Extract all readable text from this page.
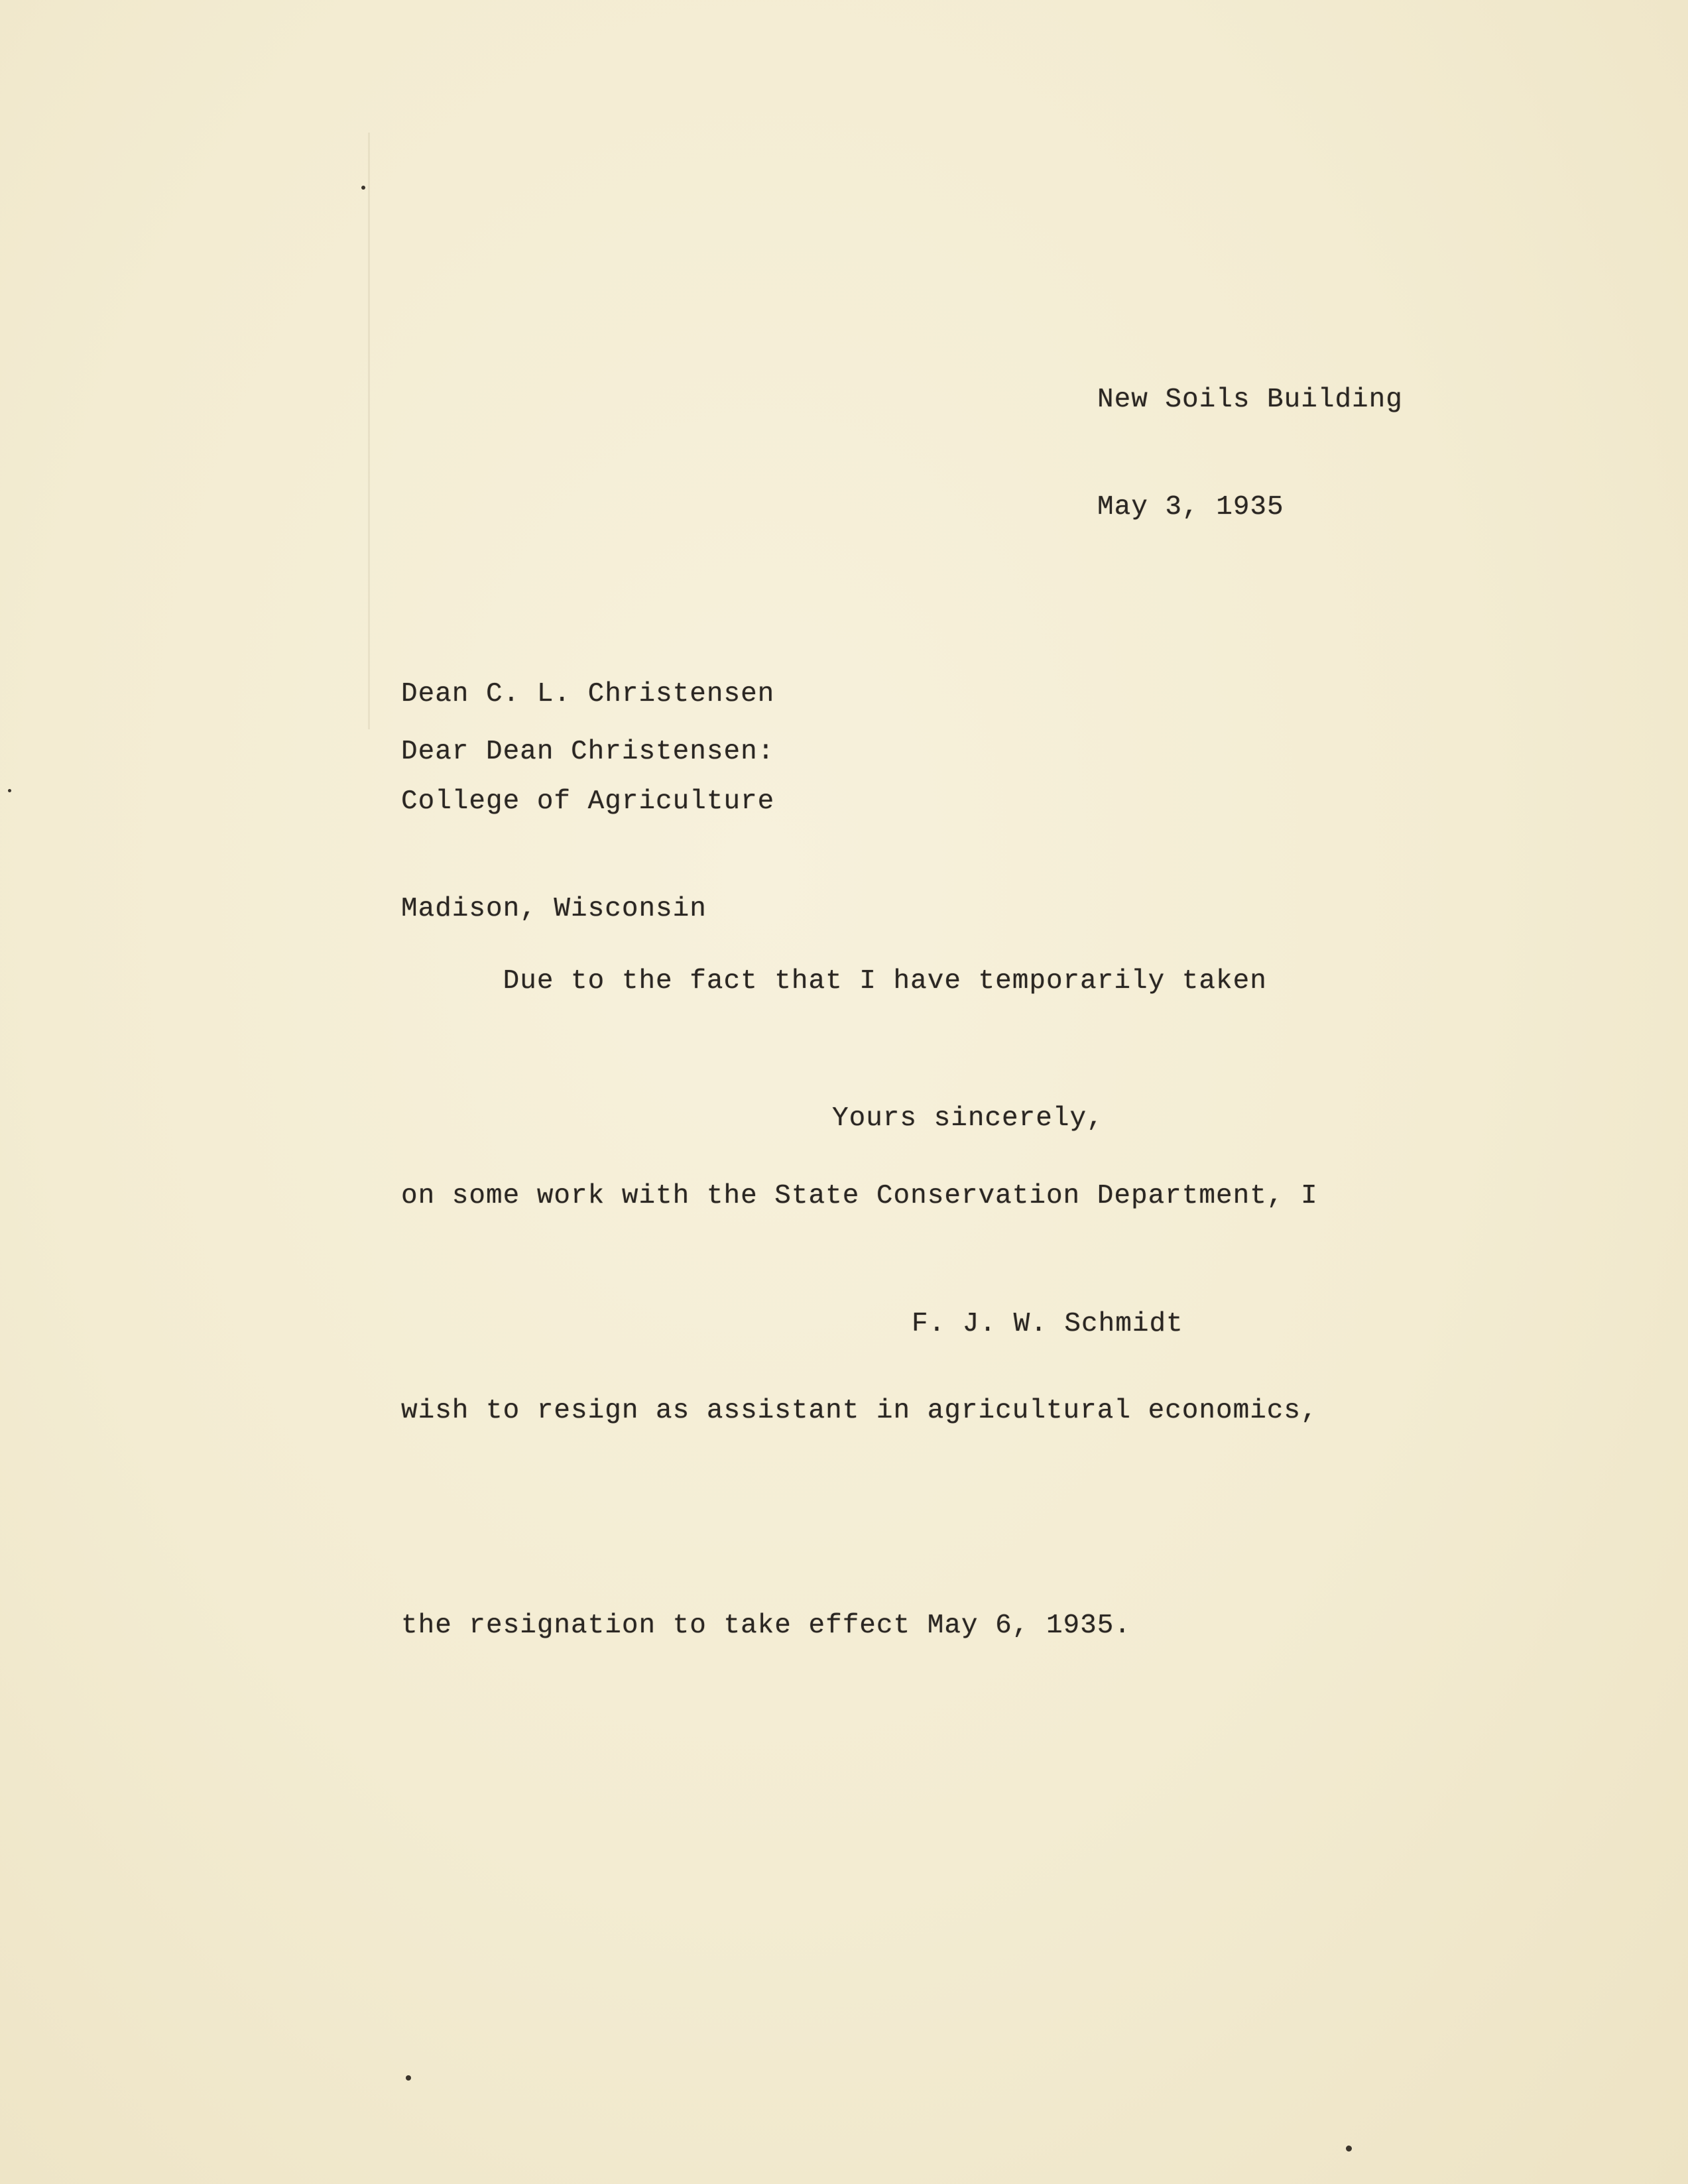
New Soils Building

May 3, 1935

Dean C. L. Christensen

College of Agriculture

Madison, Wisconsin

Dear Dean Christensen:

Due to the fact that I have temporarily taken

on some work with the State Conservation Department, I

wish to resign as assistant in agricultural economics,

the resignation to take effect May 6, 1935.

Yours sincerely,
F. J. W. Schmidt
